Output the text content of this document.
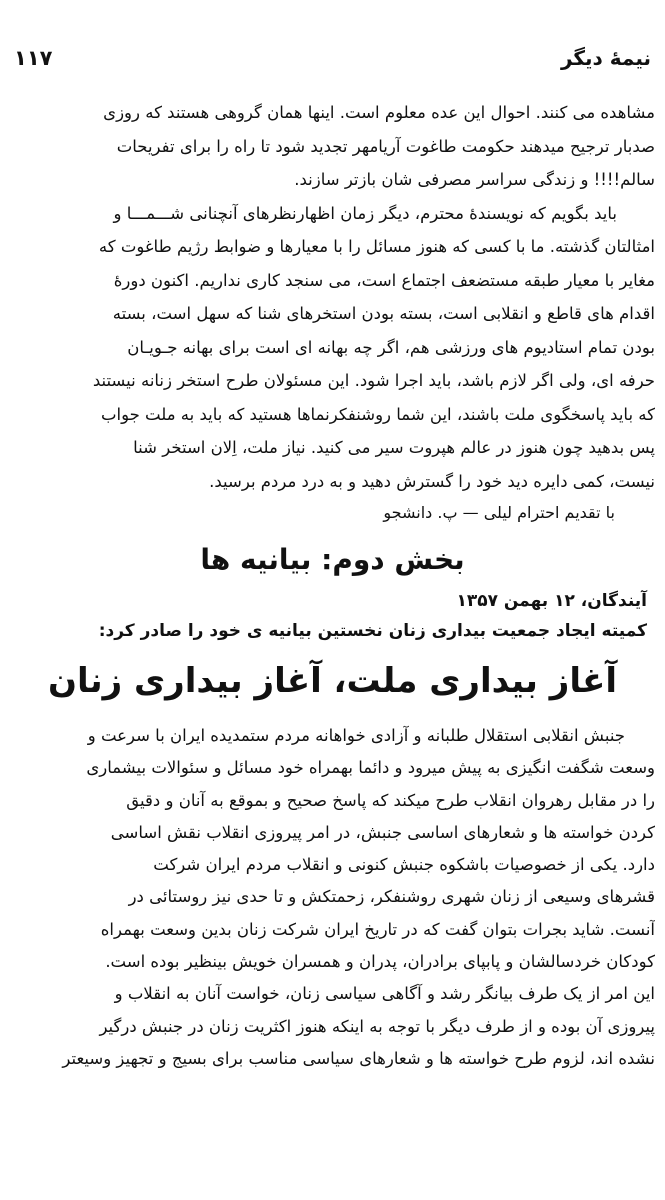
نیمهٔ دیگر
۱۱۷
مشاهده می کنند. احوال این عده معلوم است. اینها همان گروهی هستند که روزی
صدبار ترجیح میدهند حکومت طاغوت آریامهر تجدید شود تا راه را برای تفریحات
سالم!!!! و زندگی سراسر مصرفی شان بازتر سازند.
باید بگویم که نویسندهٔ محترم، دیگر زمان اظهارنظرهای آنچنانی شـــمـــا و
امثالتان گذشته. ما با کسی که هنوز مسائل را با معیارها و ضوابط رژیم طاغوت که
مغایر با معیار طبقه مستضعف اجتماع است، می سنجد کاری نداریم. اکنون دورهٔ
اقدام های قاطع و انقلابی است، بسته بودن استخرهای شنا که سهل است، بسته
بودن تمام استادیوم های ورزشی هم، اگر چه بهانه ای است برای بهانه جـویـان
حرفه ای، ولی اگر لازم باشد، باید اجرا شود. این مسئولان طرح استخر زنانه نیستند
که باید پاسخگوی ملت باشند، این شما روشنفکرنماها هستید که باید به ملت جواب
پس بدهید چون هنوز در عالم هپروت سیر می کنید. نیاز ملت، اِلان استخر شنا
نیست، کمی دایره دید خود را گسترش دهید و به درد مردم برسید.
با تقدیم احترام لیلی — پ. دانشجو
بخش دوم: بیانیه ها
آیندگان، ۱۲ بهمن ۱۳۵۷
کمیته ایجاد جمعیت بیداری زنان نخستین بیانیه ی خود را صادر کرد:
آغاز بیداری ملت، آغاز بیداری زنان
جنبش انقلابی استقلال طلبانه و آزادی خواهانه مردم ستمدیده ایران با سرعت و
وسعت شگفت انگیزی به پیش میرود و دائما بهمراه خود مسائل و سئوالات بیشماری
را در مقابل رهروان انقلاب طرح میکند که پاسخ صحیح و بموقع به آنان و دقیق
کردن خواسته ها و شعارهای اساسی جنبش، در امر پیروزی انقلاب نقش اساسی
دارد. یکی از خصوصیات باشکوه جنبش کنونی و انقلاب مردم ایران شرکت
قشرهای وسیعی از زنان شهری روشنفکر، زحمتکش و تا حدی نیز روستائی در
آنست. شاید بجرات بتوان گفت که در تاریخ ایران شرکت زنان بدین وسعت بهمراه
کودکان خردسالشان و پابپای برادران، پدران و همسران خویش بینظیر بوده است.
این امر از یک طرف بیانگر رشد و آگاهی سیاسی زنان، خواست آنان به انقلاب و
پیروزی آن بوده و از طرف دیگر با توجه به اینکه هنوز اکثریت زنان در جنبش درگیر
نشده اند، لزوم طرح خواسته ها و شعارهای سیاسی مناسب برای بسیج و تجهیز وسیعتر
